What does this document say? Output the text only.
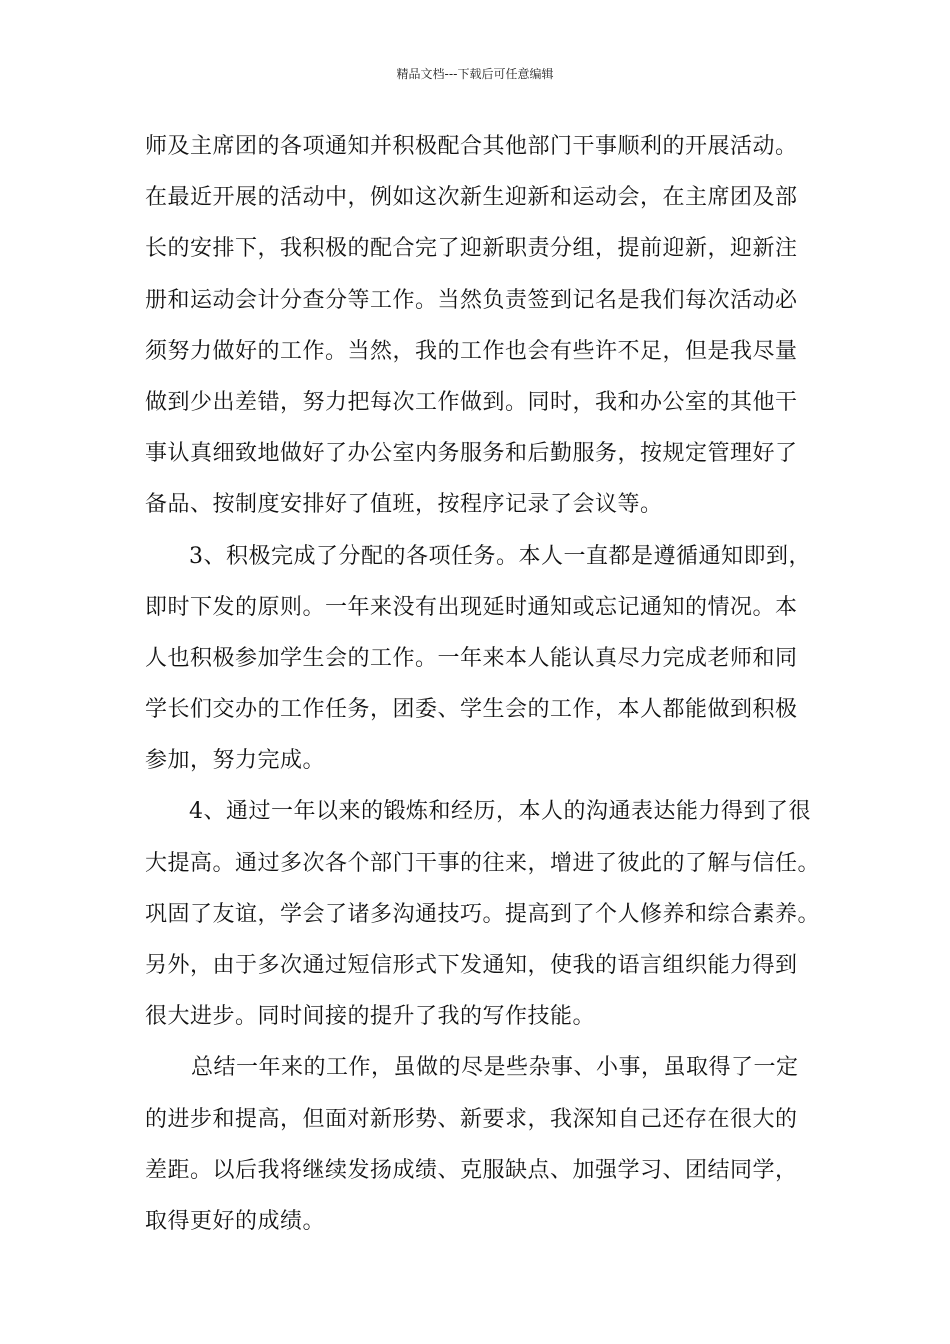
精品文档---下载后可任意编辑
师及主席团的各项通知并积极配合其他部门干事顺利的开展活动。
在最近开展的活动中，例如这次新生迎新和运动会，在主席团及部
长的安排下，我积极的配合完了迎新职责分组，提前迎新，迎新注
册和运动会计分查分等工作。当然负责签到记名是我们每次活动必
须努力做好的工作。当然，我的工作也会有些许不足，但是我尽量
做到少出差错，努力把每次工作做到。同时，我和办公室的其他干
事认真细致地做好了办公室内务服务和后勤服务，按规定管理好了
备品、按制度安排好了值班，按程序记录了会议等。
3、积极完成了分配的各项任务。本人一直都是遵循通知即到，
即时下发的原则。一年来没有出现延时通知或忘记通知的情况。本
人也积极参加学生会的工作。一年来本人能认真尽力完成老师和同
学长们交办的工作任务，团委、学生会的工作，本人都能做到积极
参加，努力完成。
4、通过一年以来的锻炼和经历，本人的沟通表达能力得到了很
大提高。通过多次各个部门干事的往来，增进了彼此的了解与信任。
巩固了友谊，学会了诸多沟通技巧。提高到了个人修养和综合素养。
另外，由于多次通过短信形式下发通知，使我的语言组织能力得到
很大进步。同时间接的提升了我的写作技能。
总结一年来的工作，虽做的尽是些杂事、小事，虽取得了一定
的进步和提高，但面对新形势、新要求，我深知自己还存在很大的
差距。以后我将继续发扬成绩、克服缺点、加强学习、团结同学，
取得更好的成绩。
